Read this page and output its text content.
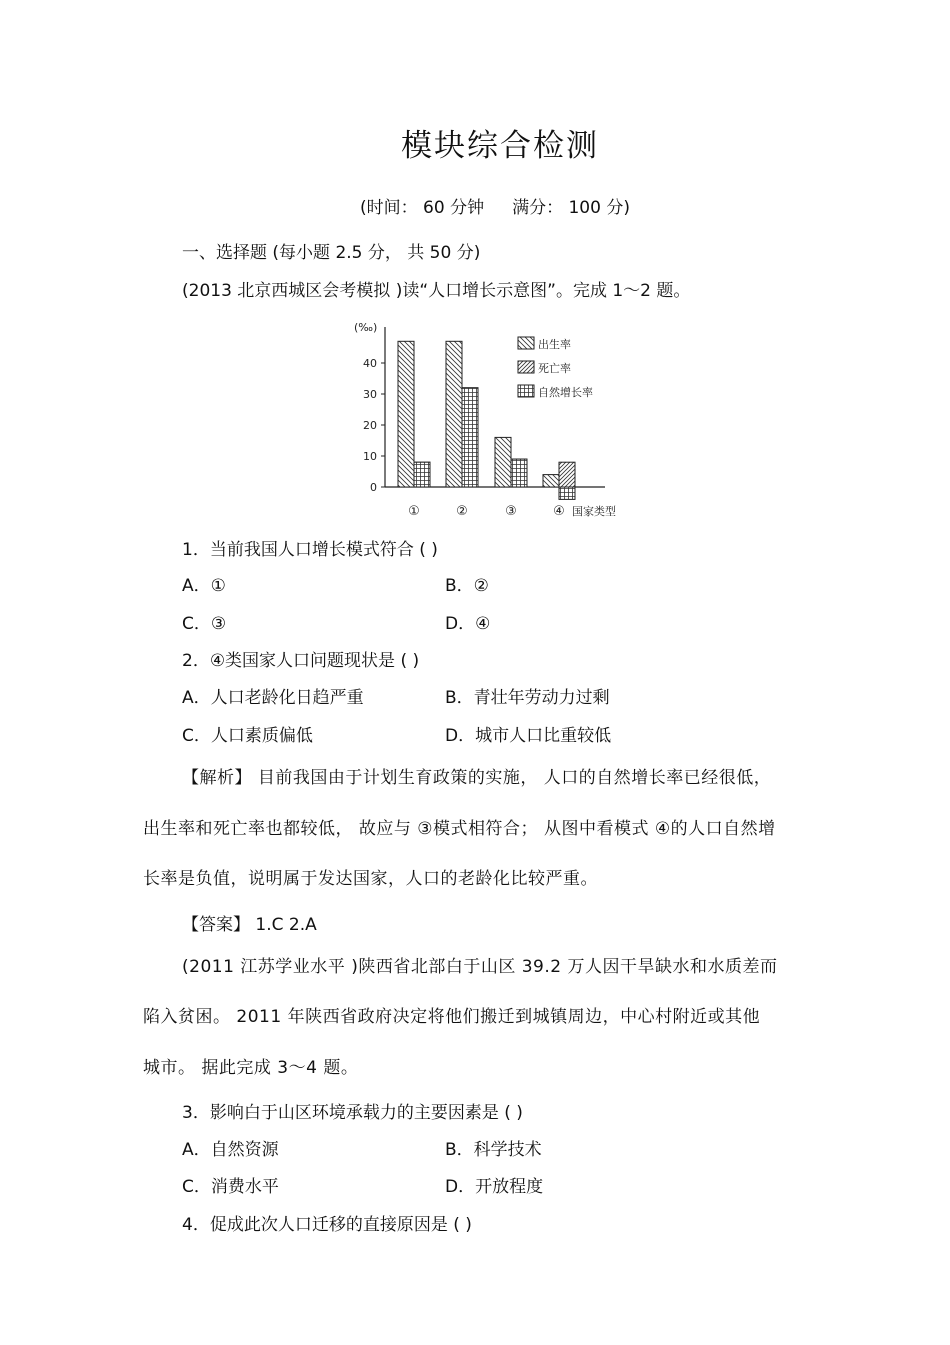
模块综合检测
(时间： 60 分钟 满分： 100 分)
一、选择题 (每小题 2.5 分， 共 50 分)
(2013 北京西城区会考模拟 )读“人口增长示意图”。完成 1～2 题。
0
10
20
30
40
(‰)
①	②	③	④ 国家类型
出生率
死亡率
自然增长率
1．当前我国人口增长模式符合 ( )
A．①	B．②
C．③	D．④
2．④类国家人口问题现状是 ( )
A．人口老龄化日趋严重	B．青壮年劳动力过剩
C．人口素质偏低	D．城市人口比重较低
【解析】 目前我国由于计划生育政策的实施， 人口的自然增长率已经很低，
出生率和死亡率也都较低， 故应与 ③模式相符合； 从图中看模式 ④的人口自然增
长率是负值，说明属于发达国家，人口的老龄化比较严重。
【答案】 1.C 2.A
(2011 江苏学业水平 )陕西省北部白于山区 39.2 万人因干旱缺水和水质差而
陷入贫困。 2011 年陕西省政府决定将他们搬迁到城镇周边，中心村附近或其他
城市。 据此完成 3～4 题。
3．影响白于山区环境承载力的主要因素是 ( )
A．自然资源	B．科学技术
C．消费水平	D．开放程度
4．促成此次人口迁移的直接原因是 ( )
